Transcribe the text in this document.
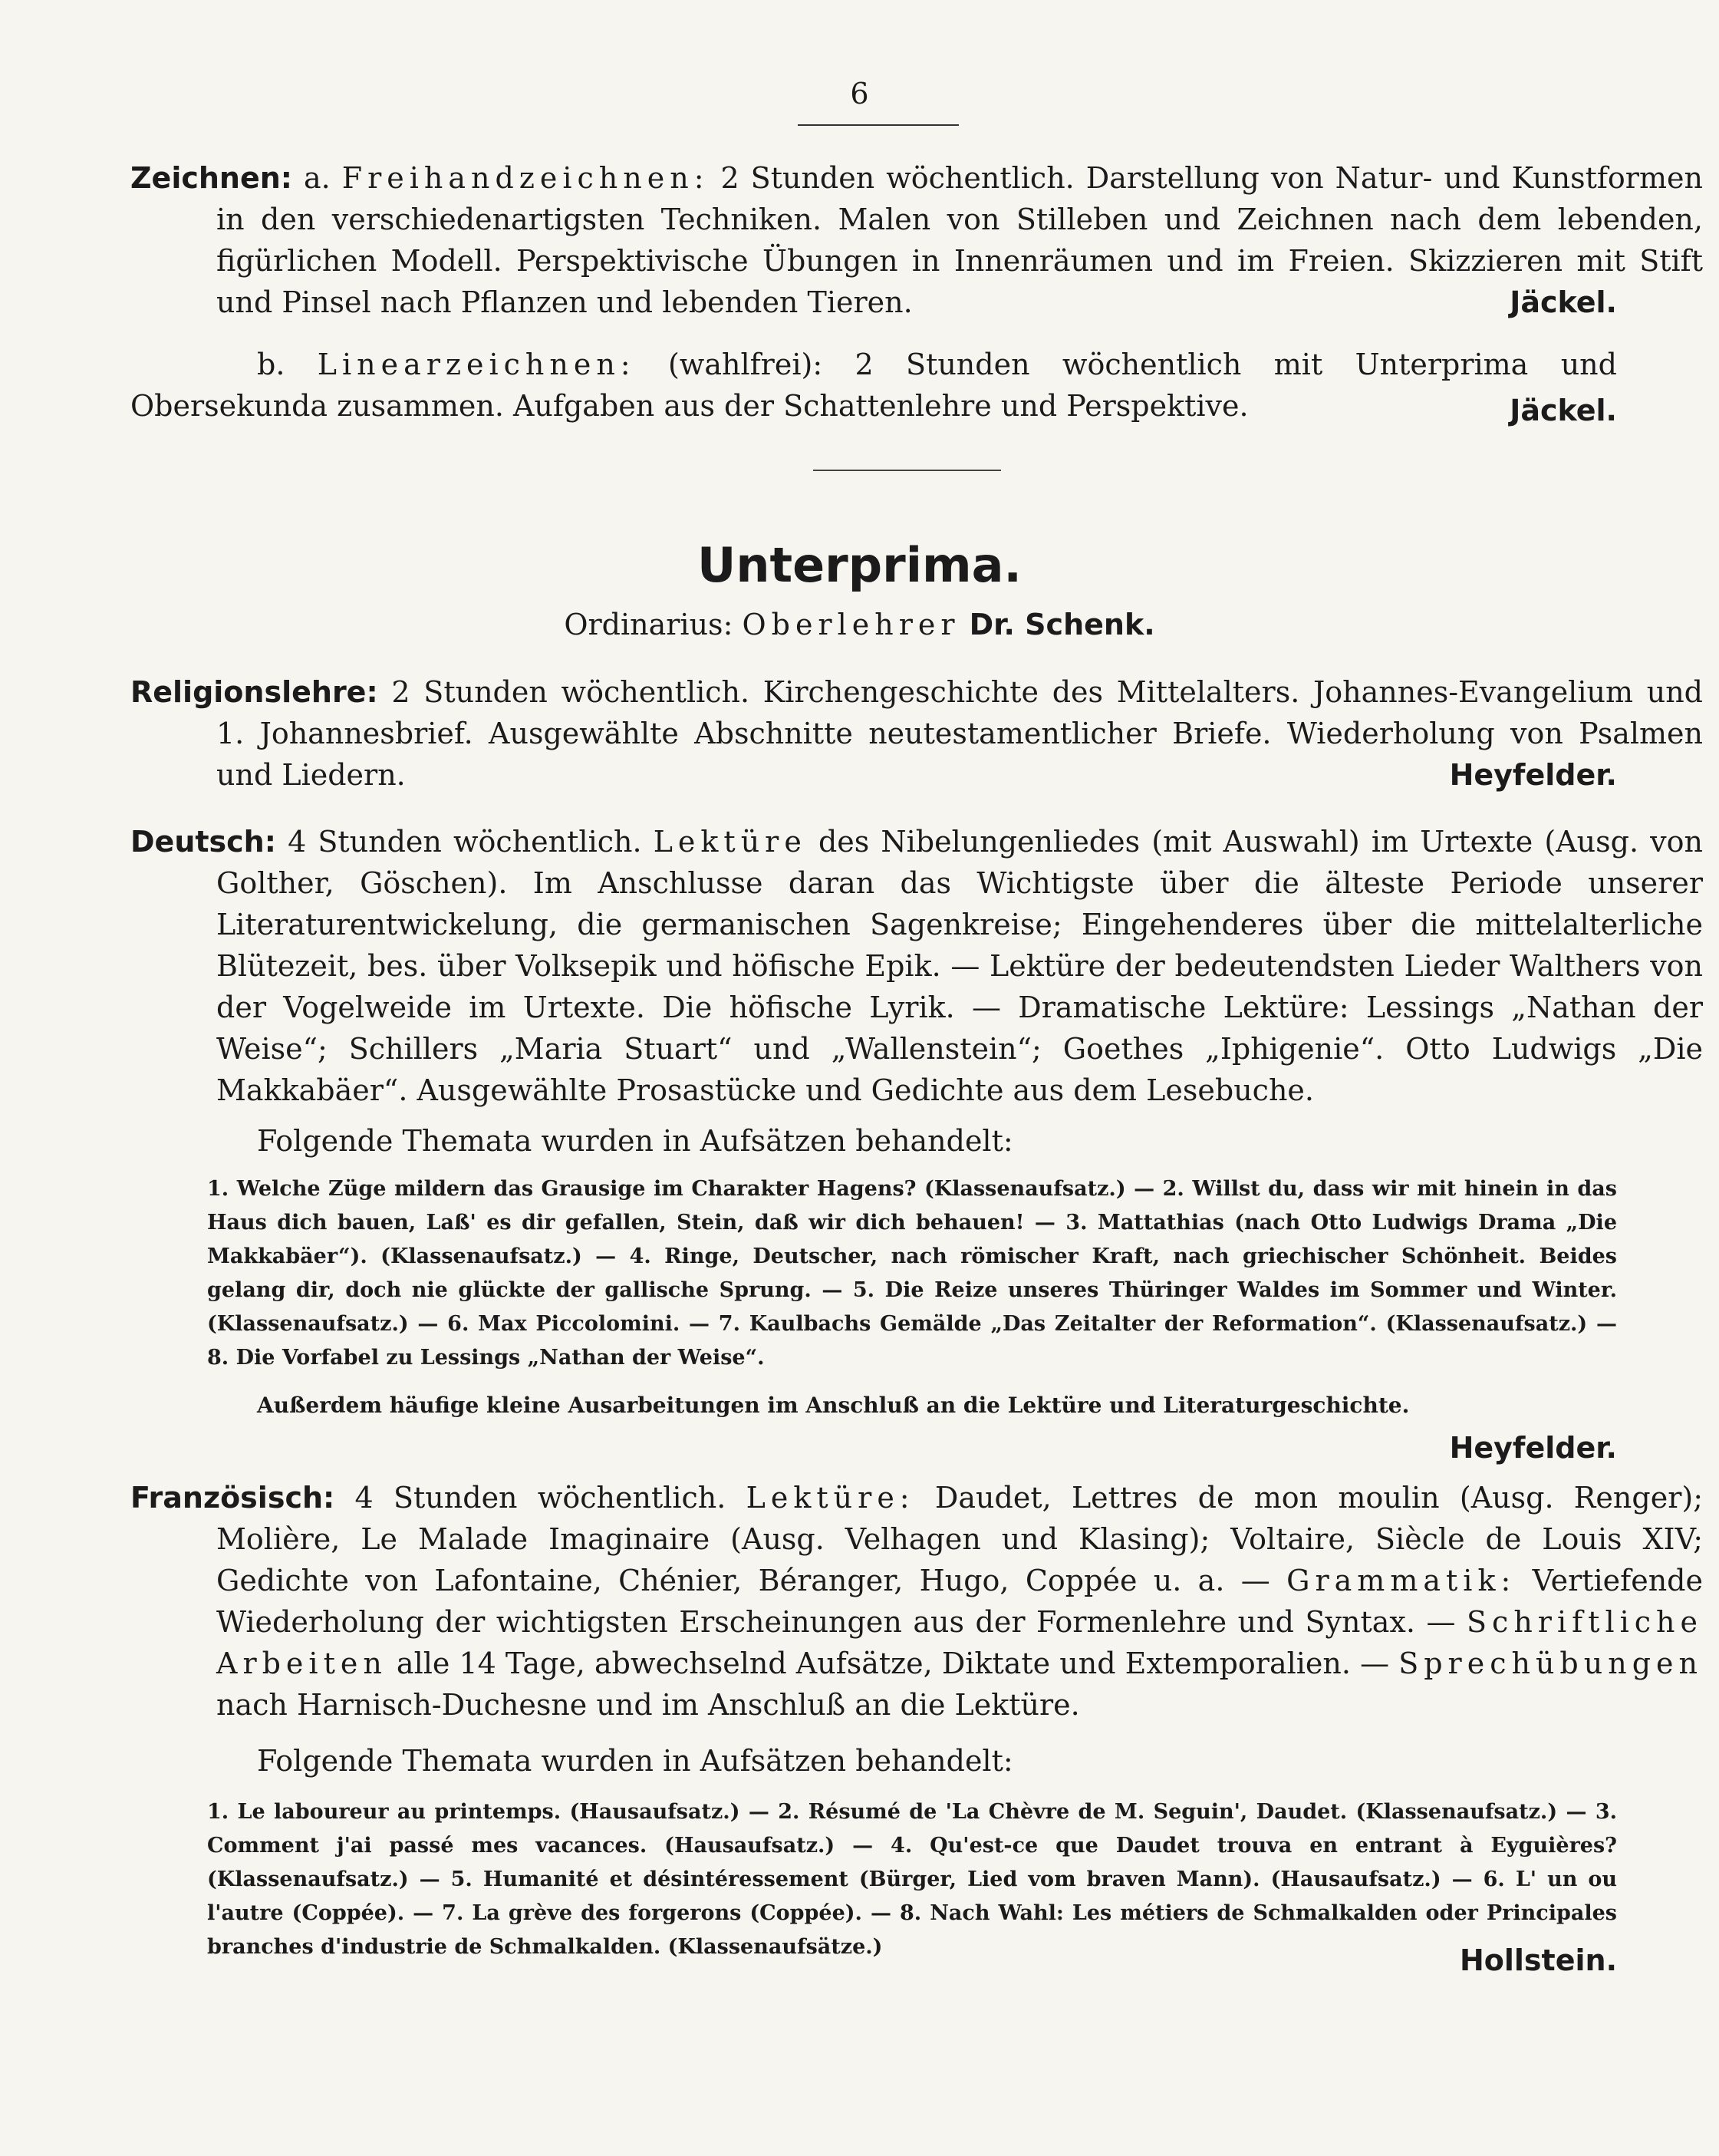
6
Zeichnen: a. Freihandzeichnen: 2 Stunden wöchentlich. Darstellung von Natur- und Kunstformen in den verschiedenartigsten Techniken. Malen von Stilleben und Zeichnen nach dem lebenden, figürlichen Modell. Perspektivische Übungen in Innenräumen und im Freien. Skizzieren mit Stift und Pinsel nach Pflanzen und lebenden Tieren.	Jäckel.
b. Linearzeichnen: (wahlfrei): 2 Stunden wöchentlich mit Unterprima und Obersekunda zusammen. Aufgaben aus der Schattenlehre und Perspektive.	Jäckel.
Unterprima.
Ordinarius: Oberlehrer Dr. Schenk.
Religionslehre: 2 Stunden wöchentlich. Kirchengeschichte des Mittelalters. Johannes-Evangelium und 1. Johannesbrief. Ausgewählte Abschnitte neutestamentlicher Briefe. Wiederholung von Psalmen und Liedern.	Heyfelder.
Deutsch: 4 Stunden wöchentlich. Lektüre des Nibelungenliedes (mit Auswahl) im Urtexte (Ausg. von Golther, Göschen). Im Anschlusse daran das Wichtigste über die älteste Periode unserer Literaturentwickelung, die germanischen Sagenkreise; Eingehenderes über die mittelalterliche Blütezeit, bes. über Volksepik und höfische Epik. — Lektüre der bedeutendsten Lieder Walthers von der Vogelweide im Urtexte. Die höfische Lyrik. — Dramatische Lektüre: Lessings „Nathan der Weise“; Schillers „Maria Stuart“ und „Wallenstein“; Goethes „Iphigenie“. Otto Ludwigs „Die Makkabäer“. Ausgewählte Prosastücke und Gedichte aus dem Lesebuche.
Folgende Themata wurden in Aufsätzen behandelt:
1. Welche Züge mildern das Grausige im Charakter Hagens? (Klassenaufsatz.) — 2. Willst du, dass wir mit hinein in das Haus dich bauen, Laß' es dir gefallen, Stein, daß wir dich behauen! — 3. Mattathias (nach Otto Ludwigs Drama „Die Makkabäer“). (Klassenaufsatz.) — 4. Ringe, Deutscher, nach römischer Kraft, nach griechischer Schönheit. Beides gelang dir, doch nie glückte der gallische Sprung. — 5. Die Reize unseres Thüringer Waldes im Sommer und Winter. (Klassenaufsatz.) — 6. Max Piccolomini. — 7. Kaulbachs Gemälde „Das Zeitalter der Reformation“. (Klassenaufsatz.) — 8. Die Vorfabel zu Lessings „Nathan der Weise“.
Außerdem häufige kleine Ausarbeitungen im Anschluß an die Lektüre und Literaturgeschichte.
Heyfelder.
Französisch: 4 Stunden wöchentlich. Lektüre: Daudet, Lettres de mon moulin (Ausg. Renger); Molière, Le Malade Imaginaire (Ausg. Velhagen und Klasing); Voltaire, Siècle de Louis XIV; Gedichte von Lafontaine, Chénier, Béranger, Hugo, Coppée u. a. — Grammatik: Vertiefende Wiederholung der wichtigsten Erscheinungen aus der Formenlehre und Syntax. — Schriftliche Arbeiten alle 14 Tage, abwechselnd Aufsätze, Diktate und Extemporalien. — Sprechübungen nach Harnisch-Duchesne und im Anschluß an die Lektüre.
Folgende Themata wurden in Aufsätzen behandelt:
1. Le laboureur au printemps. (Hausaufsatz.) — 2. Résumé de 'La Chèvre de M. Seguin', Daudet. (Klassenaufsatz.) — 3. Comment j'ai passé mes vacances. (Hausaufsatz.) — 4. Qu'est-ce que Daudet trouva en entrant à Eyguières? (Klassenaufsatz.) — 5. Humanité et désintéressement (Bürger, Lied vom braven Mann). (Hausaufsatz.) — 6. L' un ou l'autre (Coppée). — 7. La grève des forgerons (Coppée). — 8. Nach Wahl: Les métiers de Schmalkalden oder Principales branches d'industrie de Schmalkalden. (Klassenaufsätze.)	Hollstein.
